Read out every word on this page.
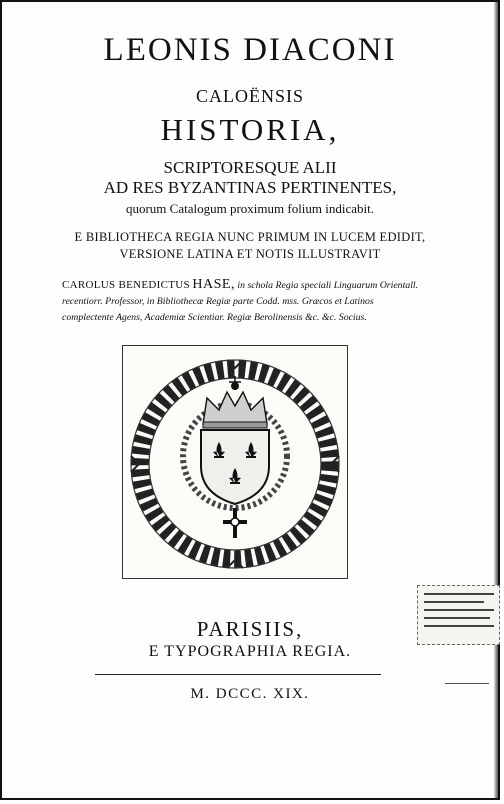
LEONIS DIACONI
CALOËNSIS
HISTORIA,
SCRIPTORESQUE ALII
AD RES BYZANTINAS PERTINENTES,
quorum Catalogum proximum folium indicabit.
E BIBLIOTHECA REGIA NUNC PRIMUM IN LUCEM EDIDIT,
VERSIONE LATINA ET NOTIS ILLUSTRAVIT
CAROLUS BENEDICTUS HASE, in schola Regia speciali Linguarum Orientall.
recentiorr. Professor, in Bibliothecæ Regiæ parte Codd. mss. Græcos et Latinos
complectente Agens, Academiæ Scientiar. Regiæ Berolinensis &c. &c. Socius.
PARISIIS,
E TYPOGRAPHIA REGIA.
M. DCCC. XIX.
